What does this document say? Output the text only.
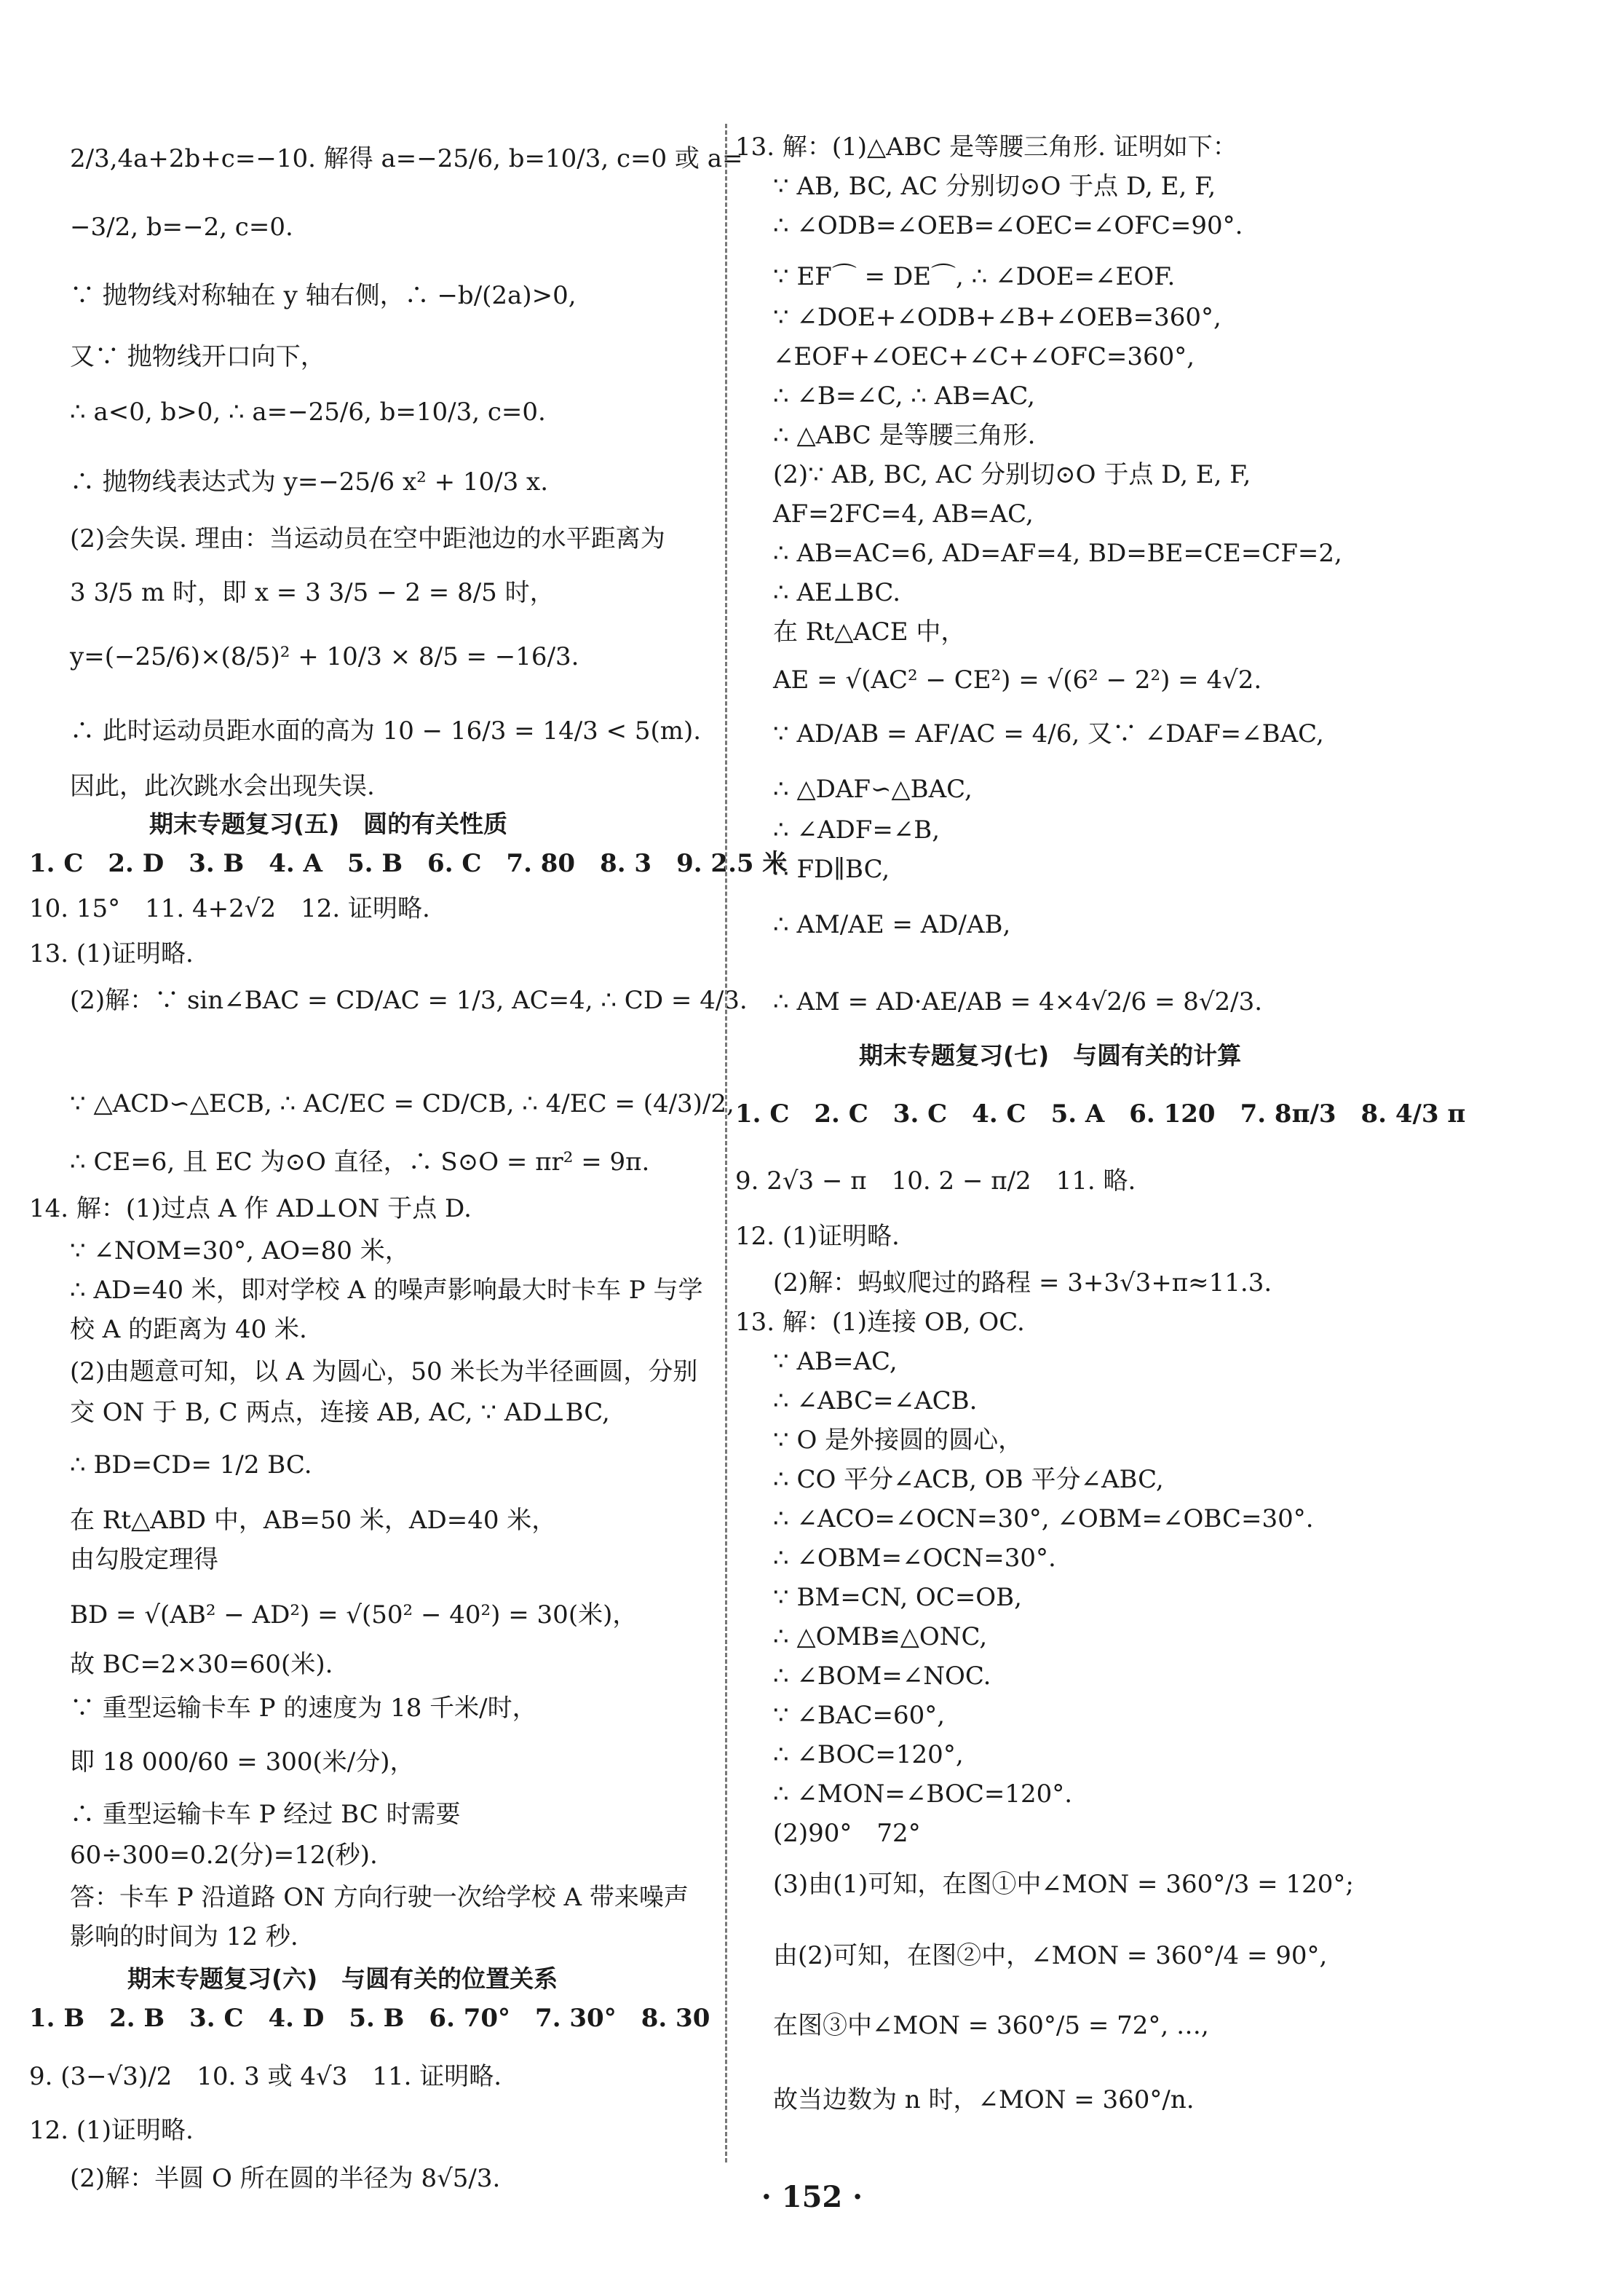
2/3,4a+2b+c=−10. 解得 a=−25/6, b=10/3, c=0 或 a=
−3/2, b=−2, c=0.
∵ 抛物线对称轴在 y 轴右侧，∴ −b/(2a)>0,
又∵ 抛物线开口向下，
∴ a<0, b>0, ∴ a=−25/6, b=10/3, c=0.
∴ 抛物线表达式为 y=−25/6 x² + 10/3 x.
(2)会失误. 理由：当运动员在空中距池边的水平距离为
3 3/5 m 时，即 x = 3 3/5 − 2 = 8/5 时，
y=(−25/6)×(8/5)² + 10/3 × 8/5 = −16/3.
∴ 此时运动员距水面的高为 10 − 16/3 = 14/3 < 5(m).
因此，此次跳水会出现失误.
期末专题复习(五)　圆的有关性质
1. C　2. D　3. B　4. A　5. B　6. C　7. 80　8. 3　9. 2.5 米
10. 15°　11. 4+2√2　12. 证明略.
13. (1)证明略.
(2)解：∵ sin∠BAC = CD/AC = 1/3, AC=4, ∴ CD = 4/3.
∵ △ACD∽△ECB, ∴ AC/EC = CD/CB, ∴ 4/EC = (4/3)/2,
∴ CE=6, 且 EC 为⊙O 直径，∴ S⊙O = πr² = 9π.
14. 解：(1)过点 A 作 AD⊥ON 于点 D.
∵ ∠NOM=30°, AO=80 米，
∴ AD=40 米，即对学校 A 的噪声影响最大时卡车 P 与学
校 A 的距离为 40 米.
(2)由题意可知，以 A 为圆心，50 米长为半径画圆，分别
交 ON 于 B, C 两点，连接 AB, AC, ∵ AD⊥BC,
∴ BD=CD= 1/2 BC.
在 Rt△ABD 中，AB=50 米，AD=40 米，
由勾股定理得
BD = √(AB² − AD²) = √(50² − 40²) = 30(米)，
故 BC=2×30=60(米).
∵ 重型运输卡车 P 的速度为 18 千米/时，
即 18 000/60 = 300(米/分)，
∴ 重型运输卡车 P 经过 BC 时需要
60÷300=0.2(分)=12(秒).
答：卡车 P 沿道路 ON 方向行驶一次给学校 A 带来噪声
影响的时间为 12 秒.
期末专题复习(六)　与圆有关的位置关系
1. B　2. B　3. C　4. D　5. B　6. 70°　7. 30°　8. 30
9. (3−√3)/2　10. 3 或 4√3　11. 证明略.
12. (1)证明略.
(2)解：半圆 O 所在圆的半径为 8√5/3.
13. 解：(1)△ABC 是等腰三角形. 证明如下：
∵ AB, BC, AC 分别切⊙O 于点 D, E, F,
∴ ∠ODB=∠OEB=∠OEC=∠OFC=90°.
∵ EF⌒ = DE⌒, ∴ ∠DOE=∠EOF.
∵ ∠DOE+∠ODB+∠B+∠OEB=360°,
∠EOF+∠OEC+∠C+∠OFC=360°,
∴ ∠B=∠C, ∴ AB=AC,
∴ △ABC 是等腰三角形.
(2)∵ AB, BC, AC 分别切⊙O 于点 D, E, F,
AF=2FC=4, AB=AC,
∴ AB=AC=6, AD=AF=4, BD=BE=CE=CF=2,
∴ AE⊥BC.
在 Rt△ACE 中，
AE = √(AC² − CE²) = √(6² − 2²) = 4√2.
∵ AD/AB = AF/AC = 4/6, 又∵ ∠DAF=∠BAC,
∴ △DAF∽△BAC,
∴ ∠ADF=∠B,
∴ FD∥BC,
∴ AM/AE = AD/AB,
∴ AM = AD·AE/AB = 4×4√2/6 = 8√2/3.
期末专题复习(七)　与圆有关的计算
1. C　2. C　3. C　4. C　5. A　6. 120　7. 8π/3　8. 4/3 π
9. 2√3 − π　10. 2 − π/2　11. 略.
12. (1)证明略.
(2)解：蚂蚁爬过的路程 = 3+3√3+π≈11.3.
13. 解：(1)连接 OB, OC.
∵ AB=AC,
∴ ∠ABC=∠ACB.
∵ O 是外接圆的圆心，
∴ CO 平分∠ACB, OB 平分∠ABC,
∴ ∠ACO=∠OCN=30°, ∠OBM=∠OBC=30°.
∴ ∠OBM=∠OCN=30°.
∵ BM=CN, OC=OB,
∴ △OMB≌△ONC,
∴ ∠BOM=∠NOC.
∵ ∠BAC=60°,
∴ ∠BOC=120°,
∴ ∠MON=∠BOC=120°.
(2)90°　72°
(3)由(1)可知，在图①中∠MON = 360°/3 = 120°;
由(2)可知，在图②中，∠MON = 360°/4 = 90°,
在图③中∠MON = 360°/5 = 72°, …,
故当边数为 n 时，∠MON = 360°/n.
· 152 ·
